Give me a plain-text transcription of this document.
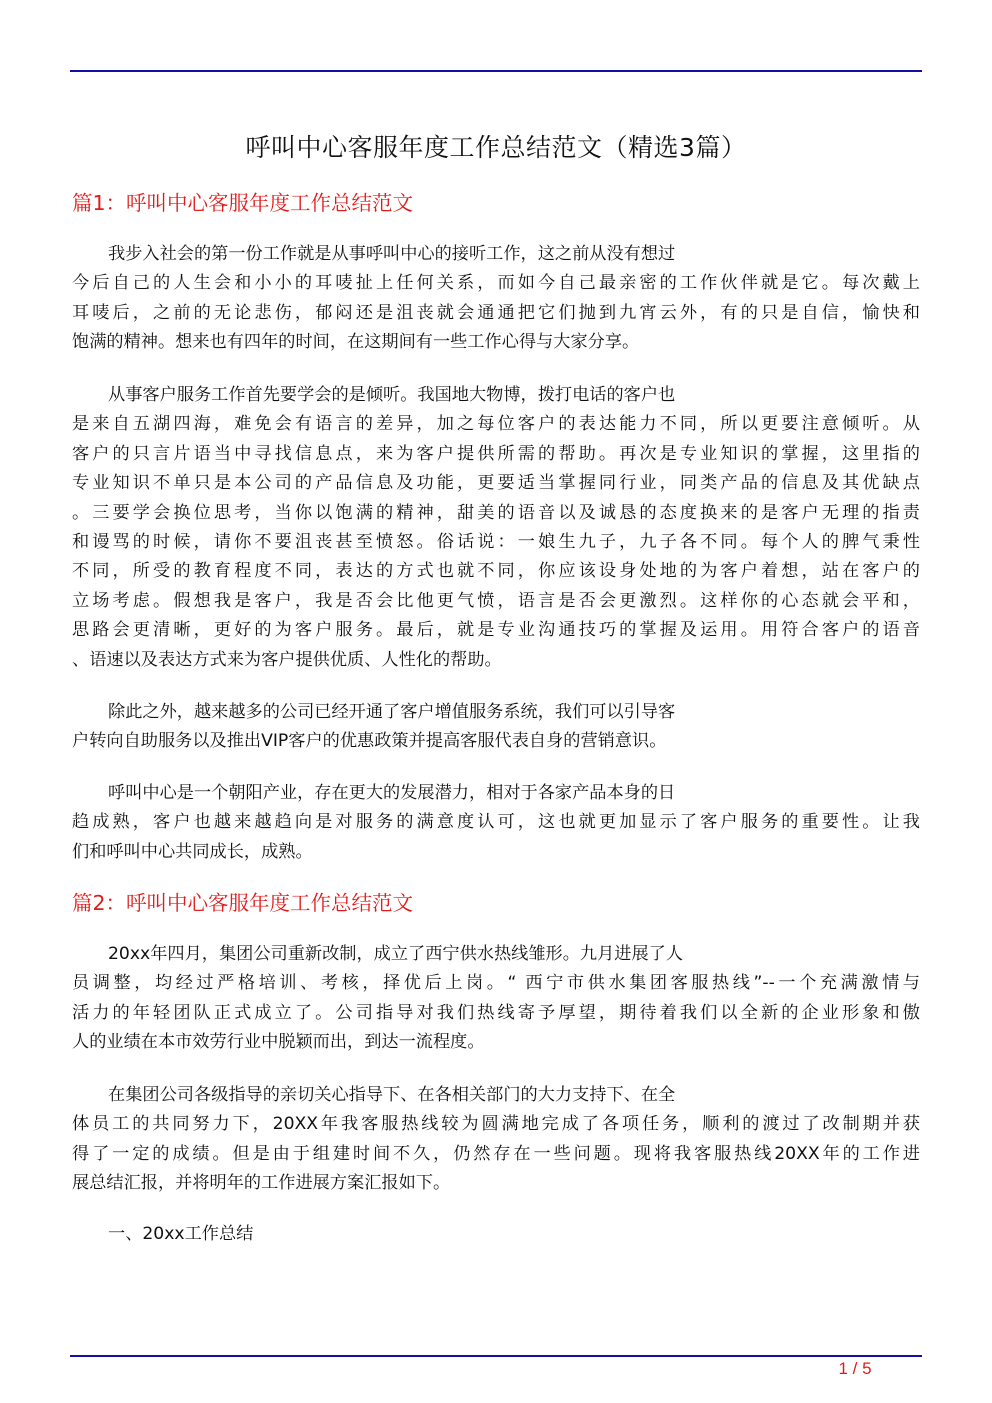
呼叫中心客服年度工作总结范文（精选3篇）
篇1：呼叫中心客服年度工作总结范文

我步入社会的第一份工作就是从事呼叫中心的接听工作，这之前从没有想过
今后自己的人生会和小小的耳唛扯上任何关系，而如今自己最亲密的工作伙伴就是它。每次戴上
耳唛后，之前的无论悲伤，郁闷还是沮丧就会通通把它们抛到九宵云外，有的只是自信，愉快和
饱满的精神。想来也有四年的时间，在这期间有一些工作心得与大家分享。

从事客户服务工作首先要学会的是倾听。我国地大物博，拨打电话的客户也
是来自五湖四海，难免会有语言的差异，加之每位客户的表达能力不同，所以更要注意倾听。从
客户的只言片语当中寻找信息点，来为客户提供所需的帮助。再次是专业知识的掌握，这里指的
专业知识不单只是本公司的产品信息及功能，更要适当掌握同行业，同类产品的信息及其优缺点
。三要学会换位思考，当你以饱满的精神，甜美的语音以及诚恳的态度换来的是客户无理的指责
和谩骂的时候，请你不要沮丧甚至愤怒。俗话说：一娘生九子，九子各不同。每个人的脾气秉性
不同，所受的教育程度不同，表达的方式也就不同，你应该设身处地的为客户着想，站在客户的
立场考虑。假想我是客户，我是否会比他更气愤，语言是否会更激烈。这样你的心态就会平和，
思路会更清晰，更好的为客户服务。最后，就是专业沟通技巧的掌握及运用。用符合客户的语音
、语速以及表达方式来为客户提供优质、人性化的帮助。

除此之外，越来越多的公司已经开通了客户增值服务系统，我们可以引导客
户转向自助服务以及推出VIP客户的优惠政策并提高客服代表自身的营销意识。

呼叫中心是一个朝阳产业，存在更大的发展潜力，相对于各家产品本身的日
趋成熟，客户也越来越趋向是对服务的满意度认可，这也就更加显示了客户服务的重要性。让我
们和呼叫中心共同成长，成熟。

篇2：呼叫中心客服年度工作总结范文

20xx年四月，集团公司重新改制，成立了西宁供水热线雏形。九月进展了人
员调整，均经过严格培训、考核，择优后上岗。“ 西宁市供水集团客服热线”--一个充满激情与
活力的年轻团队正式成立了。公司指导对我们热线寄予厚望，期待着我们以全新的企业形象和傲
人的业绩在本市效劳行业中脱颖而出，到达一流程度。

在集团公司各级指导的亲切关心指导下、在各相关部门的大力支持下、在全
体员工的共同努力下，20XX年我客服热线较为圆满地完成了各项任务，顺利的渡过了改制期并获
得了一定的成绩。但是由于组建时间不久，仍然存在一些问题。现将我客服热线20XX年的工作进
展总结汇报，并将明年的工作进展方案汇报如下。

一、20xx工作总结

1 / 5
